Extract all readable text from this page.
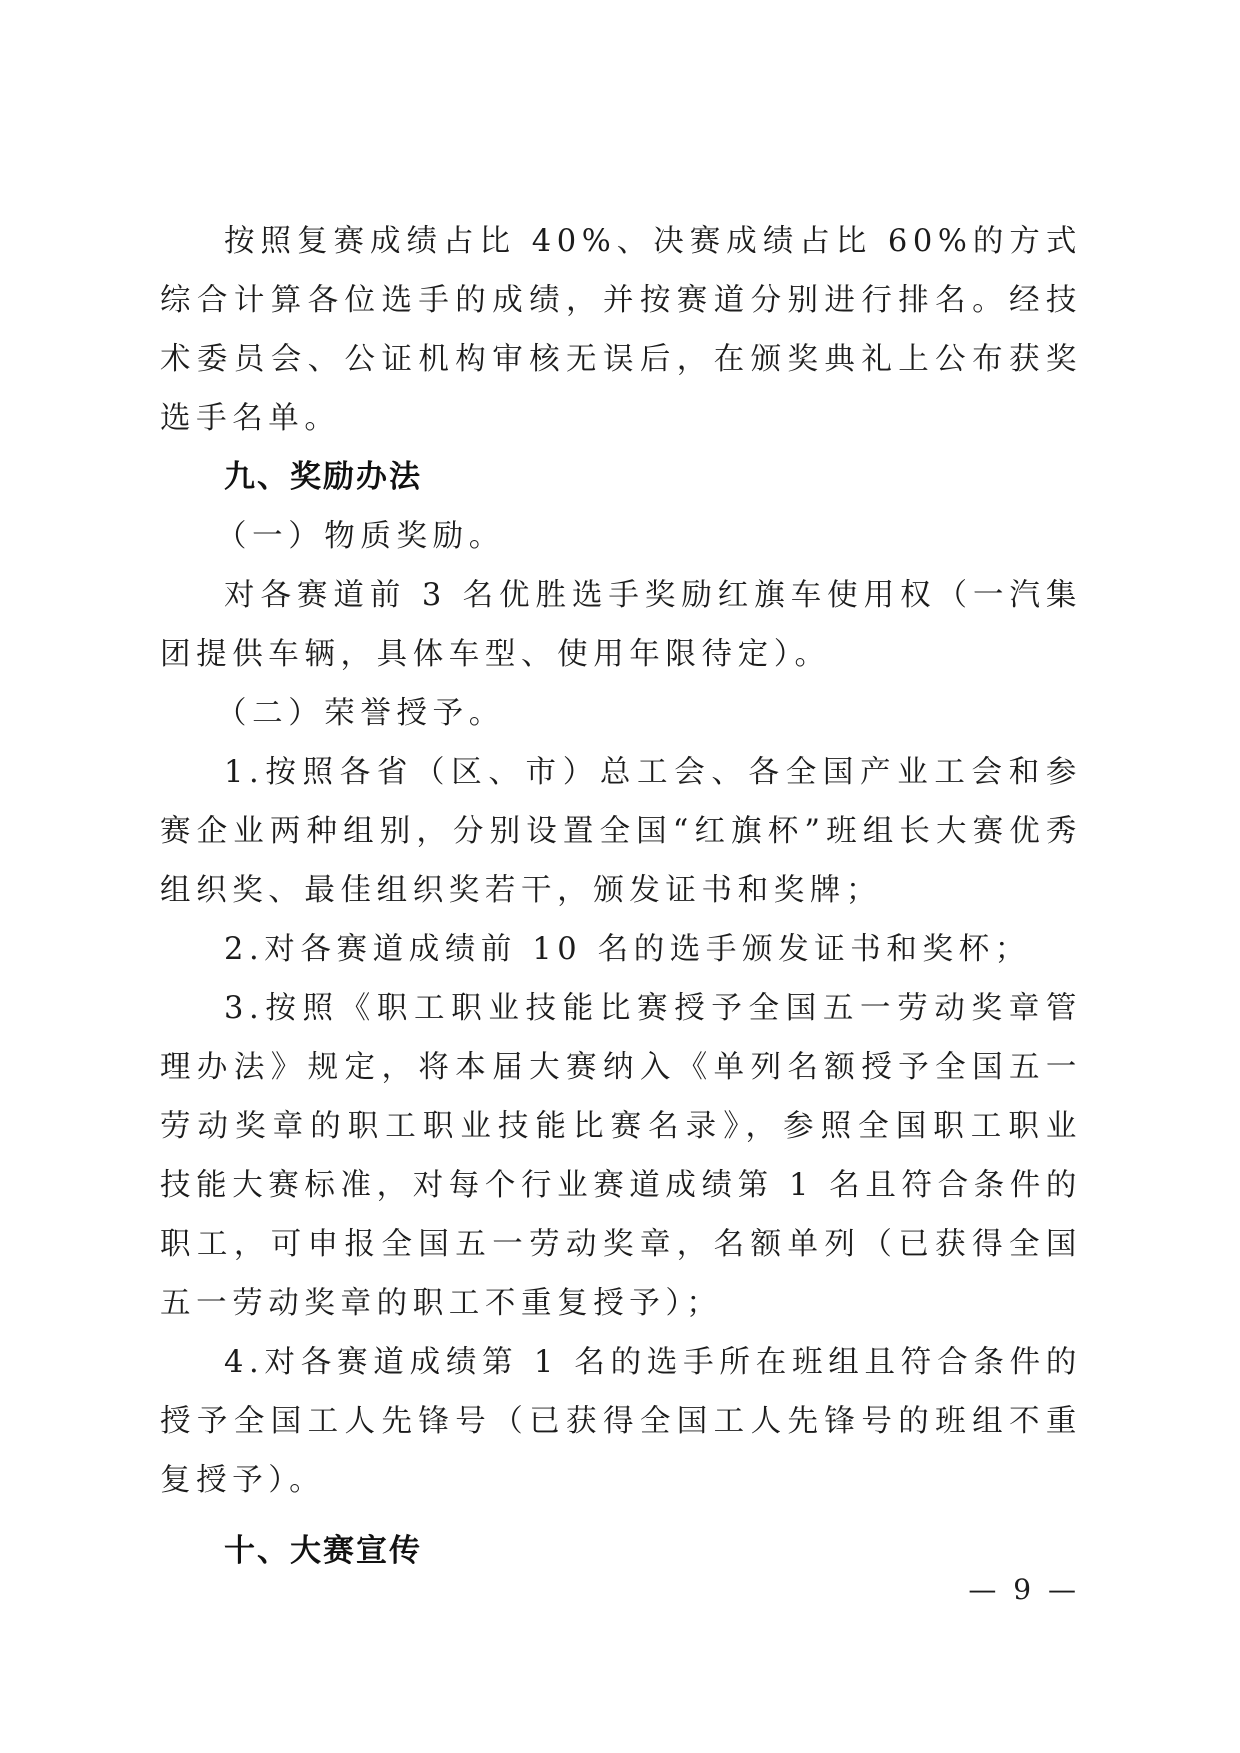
按照复赛成绩占比 40%、决赛成绩占比 60%的方式综合计算各位选手的成绩，并按赛道分别进行排名。经技术委员会、公证机构审核无误后，在颁奖典礼上公布获奖选手名单。

九、奖励办法

（一）物质奖励。

对各赛道前 3 名优胜选手奖励红旗车使用权（一汽集团提供车辆，具体车型、使用年限待定）。

（二）荣誉授予。

1.按照各省（区、市）总工会、各全国产业工会和参赛企业两种组别，分别设置全国“红旗杯”班组长大赛优秀组织奖、最佳组织奖若干，颁发证书和奖牌；

2.对各赛道成绩前 10 名的选手颁发证书和奖杯；

3.按照《职工职业技能比赛授予全国五一劳动奖章管理办法》规定，将本届大赛纳入《单列名额授予全国五一劳动奖章的职工职业技能比赛名录》，参照全国职工职业技能大赛标准，对每个行业赛道成绩第 1 名且符合条件的职工，可申报全国五一劳动奖章，名额单列（已获得全国五一劳动奖章的职工不重复授予）；

4.对各赛道成绩第 1 名的选手所在班组且符合条件的授予全国工人先锋号（已获得全国工人先锋号的班组不重复授予）。

十、大赛宣传
— 9 —
